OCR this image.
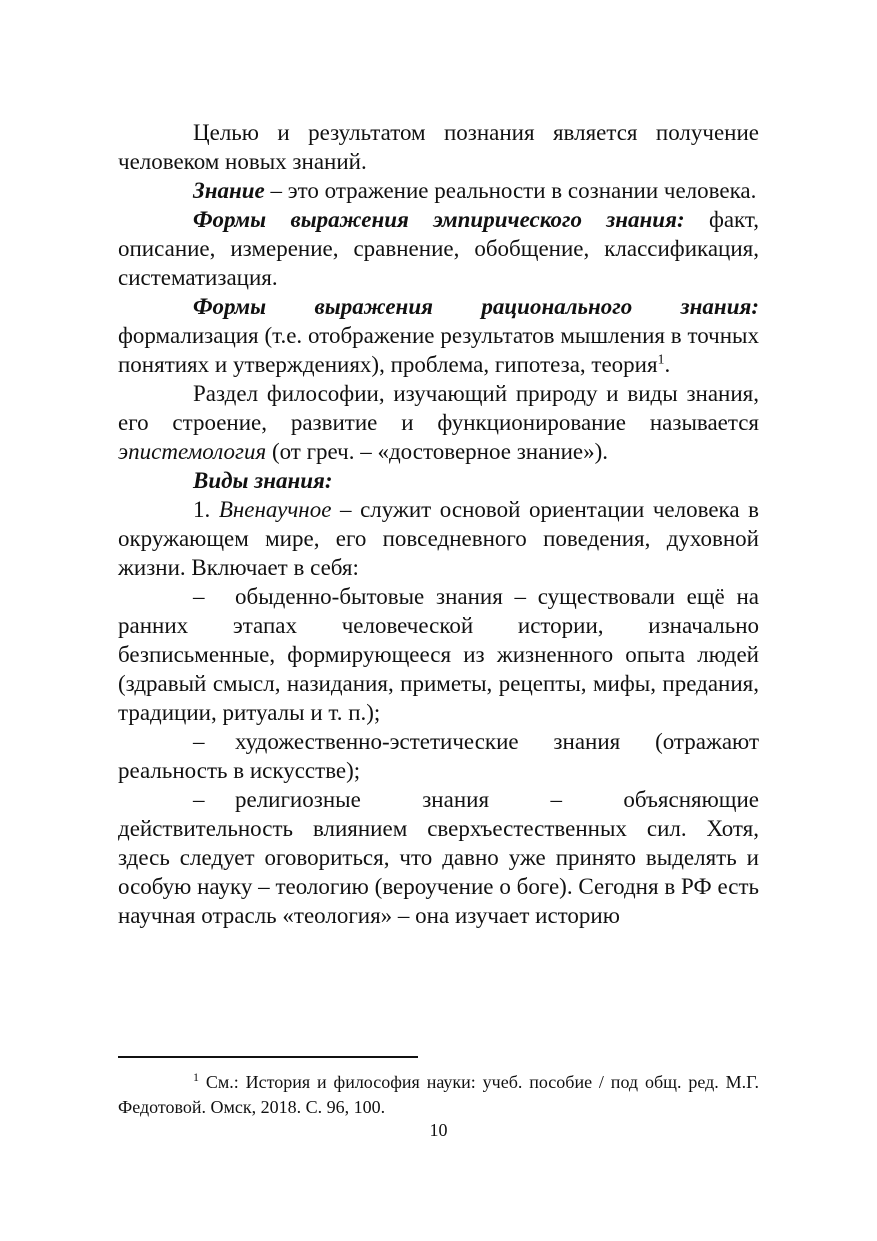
Целью и результатом познания является получение человеком новых знаний.

Знание – это отражение реальности в сознании человека.

Формы выражения эмпирического знания: факт, описание, измерение, сравнение, обобщение, классификация, систематизация.

Формы выражения рационального знания: формализация (т.е. отображение результатов мышления в точных понятиях и утверждениях), проблема, гипотеза, теория$^1$.

Раздел философии, изучающий природу и виды знания, его строение, развитие и функционирование называется эпистемология (от греч. – «достоверное знание»).

Виды знания:

1. Вненаучное – служит основой ориентации человека в окружающем мире, его повседневного поведения, духовной жизни. Включает в себя:

– обыденно-бытовые знания – существовали ещё на ранних этапах человеческой истории, изначально безписьменные, формирующееся из жизненного опыта людей (здравый смысл, назидания, приметы, рецепты, мифы, предания, традиции, ритуалы и т. п.);

– художественно-эстетические знания (отражают реальность в искусстве);

– религиозные знания – объясняющие действительность влиянием сверхъестественных сил. Хотя, здесь следует оговориться, что давно уже принято выделять и особую науку – теологию (вероучение о боге). Сегодня в РФ есть научная отрасль «теология» – она изучает историю

$^1$ См.: История и философия науки: учеб. пособие / под общ. ред. М.Г. Федотовой. Омск, 2018. С. 96, 100.

10
